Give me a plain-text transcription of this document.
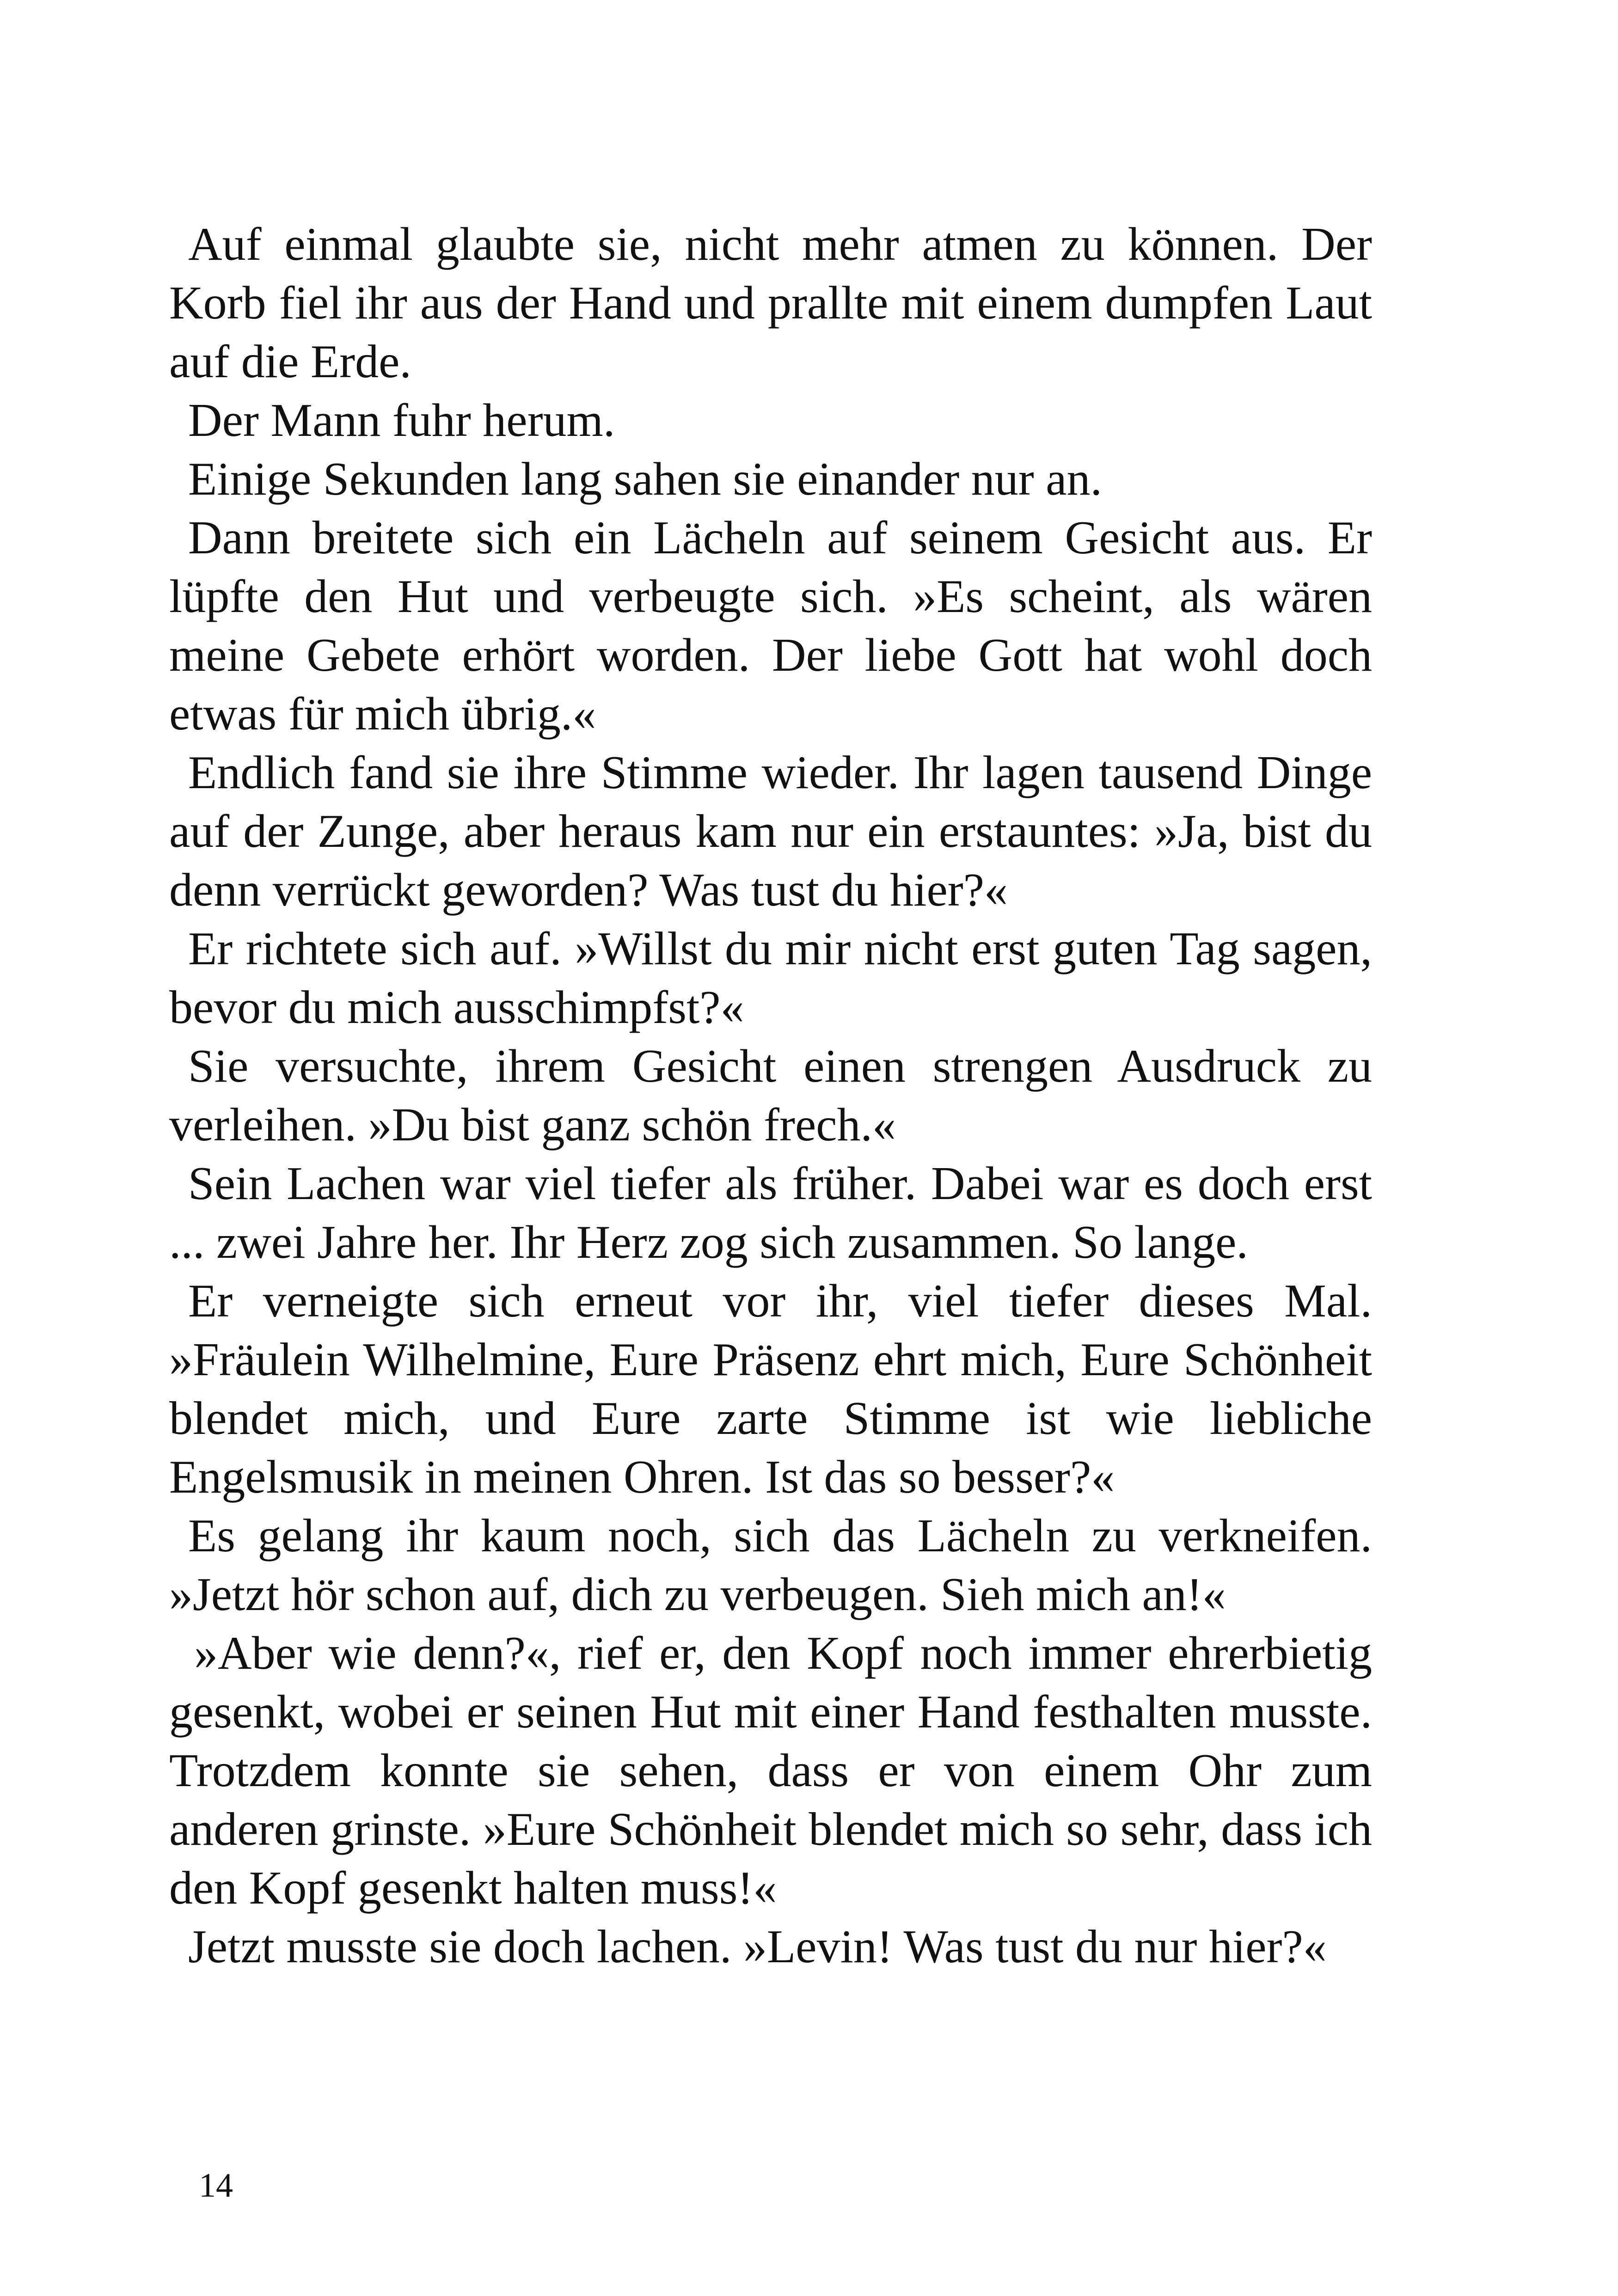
Auf einmal glaubte sie, nicht mehr atmen zu können. Der Korb fiel ihr aus der Hand und prallte mit einem dumpfen Laut auf die Erde.

Der Mann fuhr herum.

Einige Sekunden lang sahen sie einander nur an.

Dann breitete sich ein Lächeln auf seinem Gesicht aus. Er lüpfte den Hut und verbeugte sich. »Es scheint, als wären meine Gebete erhört worden. Der liebe Gott hat wohl doch etwas für mich übrig.«

Endlich fand sie ihre Stimme wieder. Ihr lagen tausend Dinge auf der Zunge, aber heraus kam nur ein erstauntes: »Ja, bist du denn verrückt geworden? Was tust du hier?«

Er richtete sich auf. »Willst du mir nicht erst guten Tag sagen, bevor du mich ausschimpfst?«

Sie versuchte, ihrem Gesicht einen strengen Ausdruck zu verleihen. »Du bist ganz schön frech.«

Sein Lachen war viel tiefer als früher. Dabei war es doch erst ... zwei Jahre her. Ihr Herz zog sich zusammen. So lange.

Er verneigte sich erneut vor ihr, viel tiefer dieses Mal. »Fräulein Wilhelmine, Eure Präsenz ehrt mich, Eure Schönheit blendet mich, und Eure zarte Stimme ist wie liebliche Engelsmusik in meinen Ohren. Ist das so besser?«

Es gelang ihr kaum noch, sich das Lächeln zu verkneifen. »Jetzt hör schon auf, dich zu verbeugen. Sieh mich an!«

»Aber wie denn?«, rief er, den Kopf noch immer ehrerbietig gesenkt, wobei er seinen Hut mit einer Hand festhalten musste. Trotzdem konnte sie sehen, dass er von einem Ohr zum anderen grinste. »Eure Schönheit blendet mich so sehr, dass ich den Kopf gesenkt halten muss!«

Jetzt musste sie doch lachen. »Levin! Was tust du nur hier?«

14
